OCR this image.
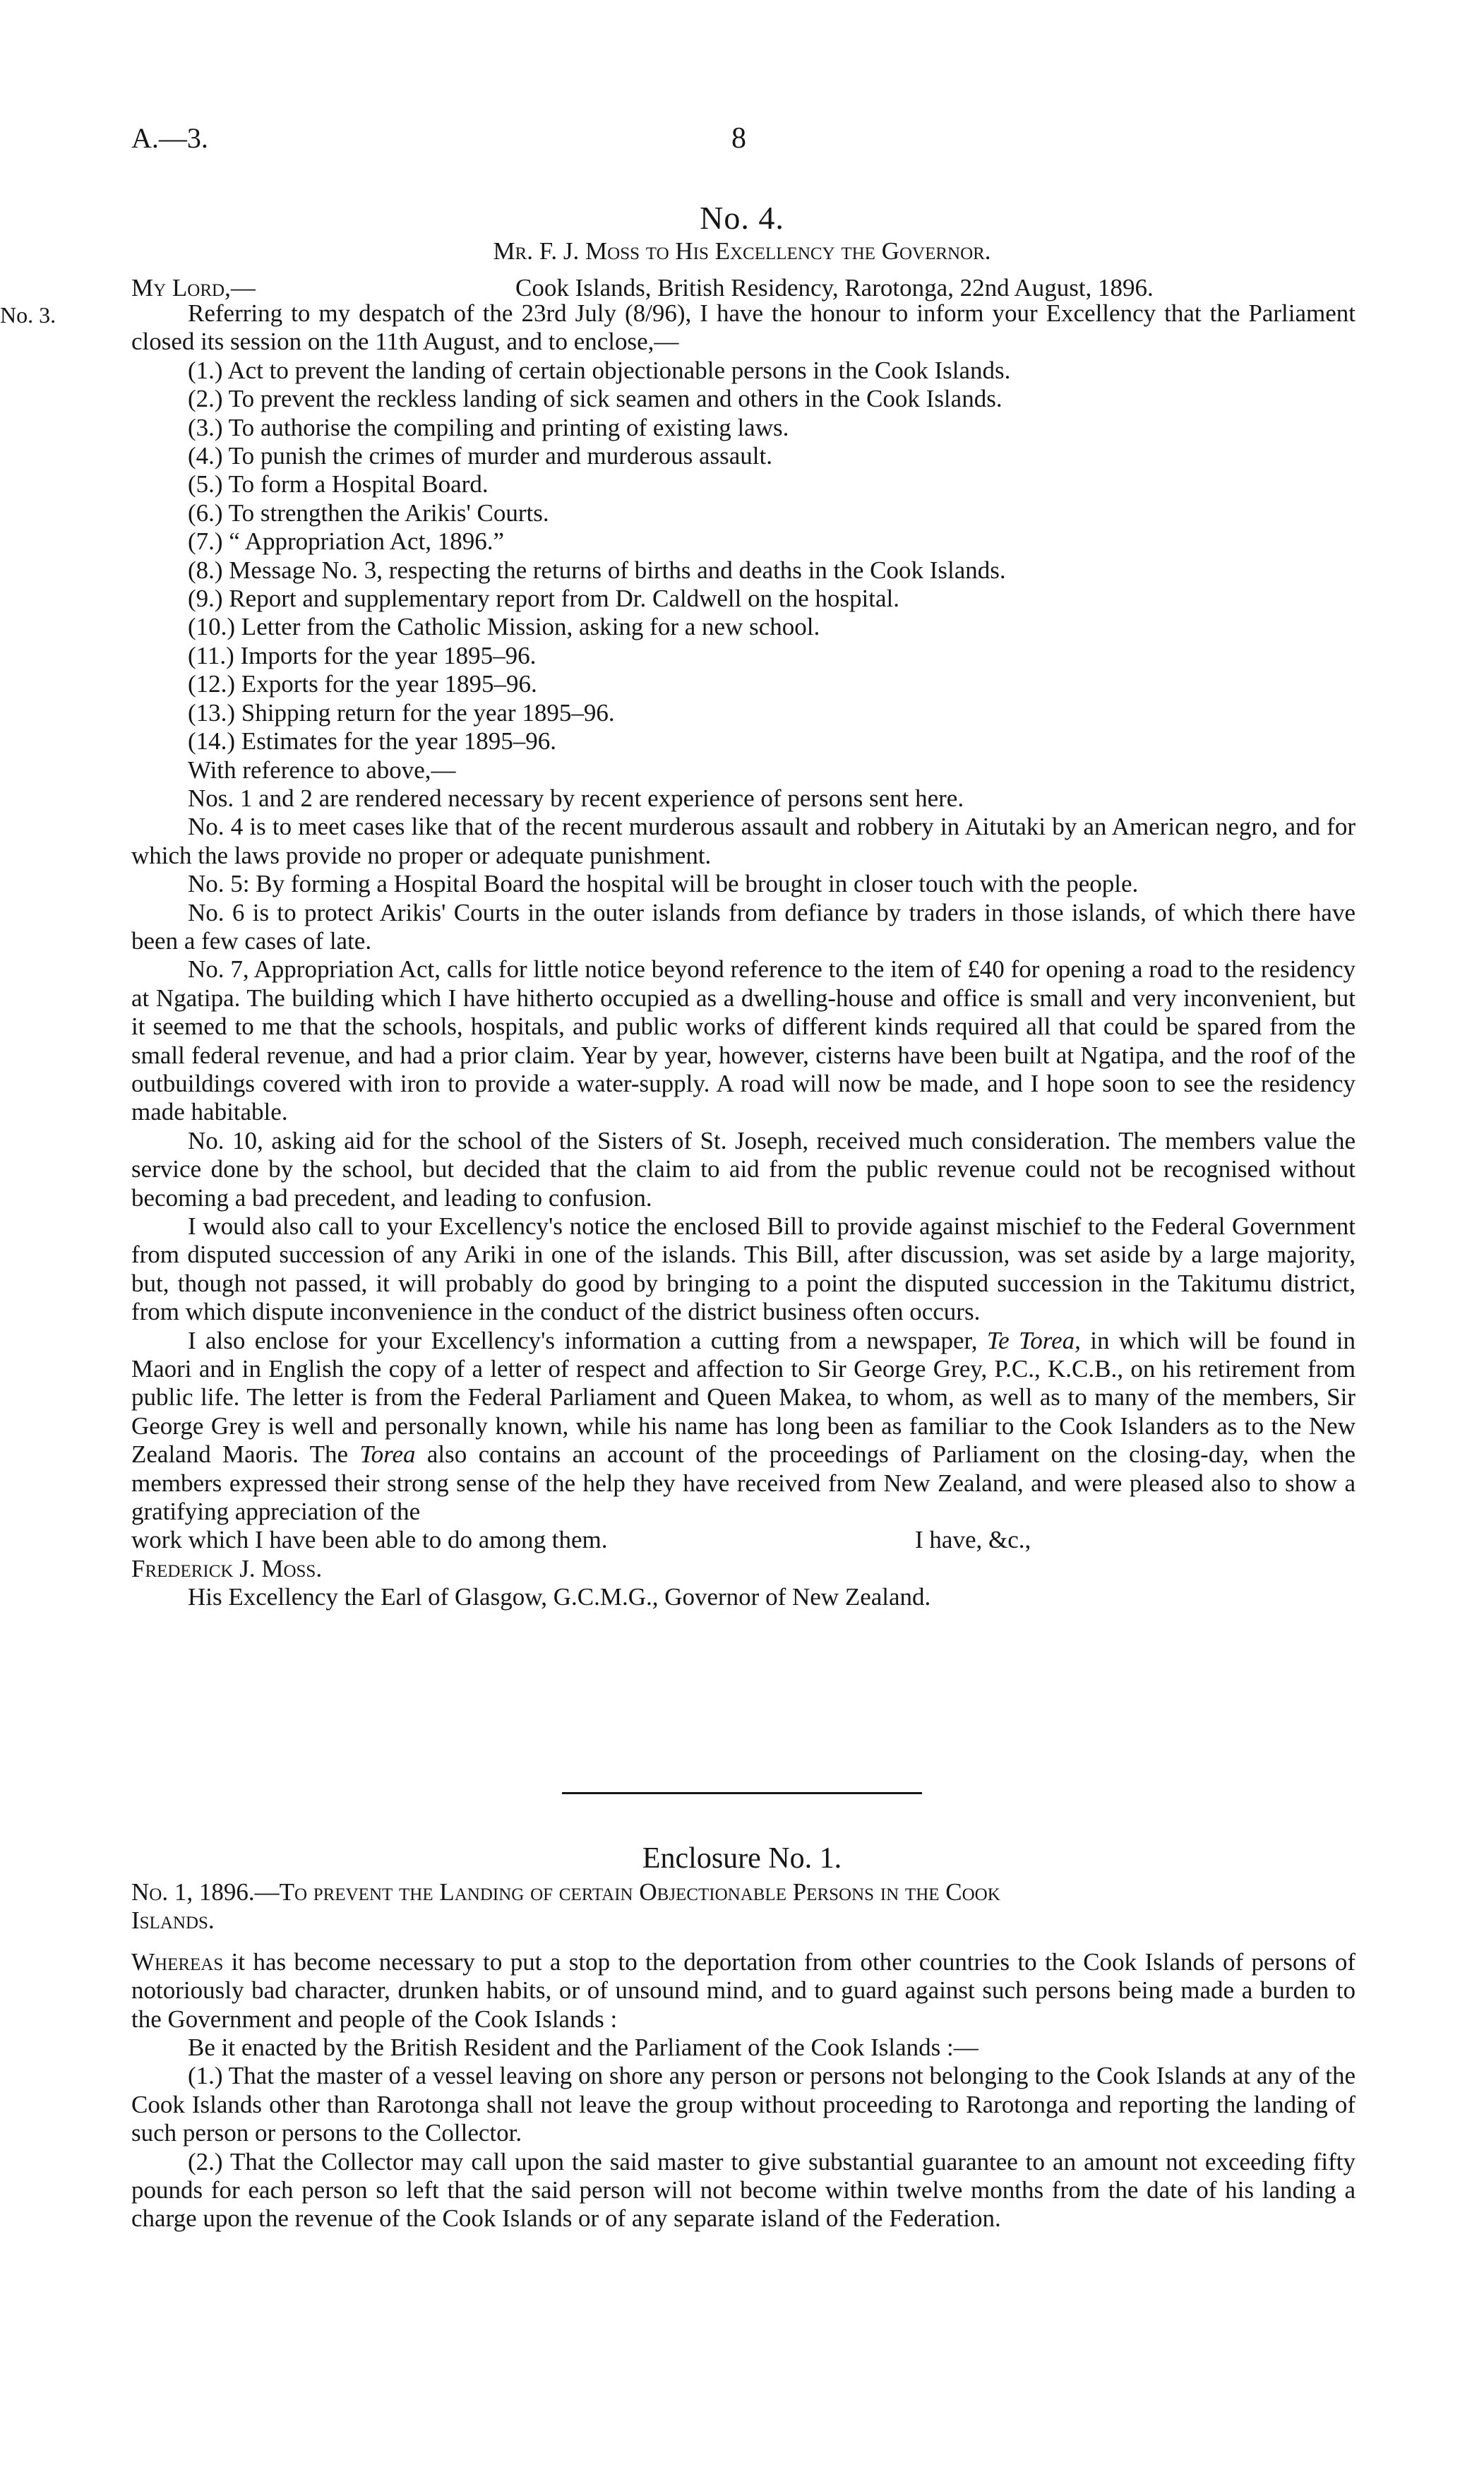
A.—3.	8
No. 4.
Mr. F. J. Moss to His Excellency the Governor.
No. 3.
My Lord,—	Cook Islands, British Residency, Rarotonga, 22nd August, 1896.

Referring to my despatch of the 23rd July (8/96), I have the honour to inform your Excellency that the Parliament closed its session on the 11th August, and to enclose,—

(1.) Act to prevent the landing of certain objectionable persons in the Cook Islands.

(2.) To prevent the reckless landing of sick seamen and others in the Cook Islands.

(3.) To authorise the compiling and printing of existing laws.

(4.) To punish the crimes of murder and murderous assault.

(5.) To form a Hospital Board.

(6.) To strengthen the Arikis' Courts.

(7.) “ Appropriation Act, 1896.”

(8.) Message No. 3, respecting the returns of births and deaths in the Cook Islands.

(9.) Report and supplementary report from Dr. Caldwell on the hospital.

(10.) Letter from the Catholic Mission, asking for a new school.

(11.) Imports for the year 1895–96.

(12.) Exports for the year 1895–96.

(13.) Shipping return for the year 1895–96.

(14.) Estimates for the year 1895–96.

With reference to above,—

Nos. 1 and 2 are rendered necessary by recent experience of persons sent here.

No. 4 is to meet cases like that of the recent murderous assault and robbery in Aitutaki by an American negro, and for which the laws provide no proper or adequate punishment.

No. 5: By forming a Hospital Board the hospital will be brought in closer touch with the people.

No. 6 is to protect Arikis' Courts in the outer islands from defiance by traders in those islands, of which there have been a few cases of late.

No. 7, Appropriation Act, calls for little notice beyond reference to the item of £40 for opening a road to the residency at Ngatipa. The building which I have hitherto occupied as a dwelling-house and office is small and very inconvenient, but it seemed to me that the schools, hospitals, and public works of different kinds required all that could be spared from the small federal revenue, and had a prior claim. Year by year, however, cisterns have been built at Ngatipa, and the roof of the outbuildings covered with iron to provide a water-supply. A road will now be made, and I hope soon to see the residency made habitable.

No. 10, asking aid for the school of the Sisters of St. Joseph, received much consideration. The members value the service done by the school, but decided that the claim to aid from the public revenue could not be recognised without becoming a bad precedent, and leading to confusion.

I would also call to your Excellency's notice the enclosed Bill to provide against mischief to the Federal Government from disputed succession of any Ariki in one of the islands. This Bill, after discussion, was set aside by a large majority, but, though not passed, it will probably do good by bringing to a point the disputed succession in the Takitumu district, from which dispute inconvenience in the conduct of the district business often occurs.

I also enclose for your Excellency's information a cutting from a newspaper, Te Torea, in which will be found in Maori and in English the copy of a letter of respect and affection to Sir George Grey, P.C., K.C.B., on his retirement from public life. The letter is from the Federal Parliament and Queen Makea, to whom, as well as to many of the members, Sir George Grey is well and personally known, while his name has long been as familiar to the Cook Islanders as to the New Zealand Maoris. The Torea also contains an account of the proceedings of Parliament on the closing-day, when the members expressed their strong sense of the help they have received from New Zealand, and were pleased also to show a gratifying appreciation of the

work which I have been able to do among them.	I have, &c.,

Frederick J. Moss.

His Excellency the Earl of Glasgow, G.C.M.G., Governor of New Zealand.

Enclosure No. 1.

No. 1, 1896.—To prevent the Landing of certain Objectionable Persons in the Cook

Islands.

Whereas it has become necessary to put a stop to the deportation from other countries to the Cook Islands of persons of notoriously bad character, drunken habits, or of unsound mind, and to guard against such persons being made a burden to the Government and people of the Cook Islands :

Be it enacted by the British Resident and the Parliament of the Cook Islands :—

(1.) That the master of a vessel leaving on shore any person or persons not belonging to the Cook Islands at any of the Cook Islands other than Rarotonga shall not leave the group without proceeding to Rarotonga and reporting the landing of such person or persons to the Collector.

(2.) That the Collector may call upon the said master to give substantial guarantee to an amount not exceeding fifty pounds for each person so left that the said person will not become within twelve months from the date of his landing a charge upon the revenue of the Cook Islands or of any separate island of the Federation.
